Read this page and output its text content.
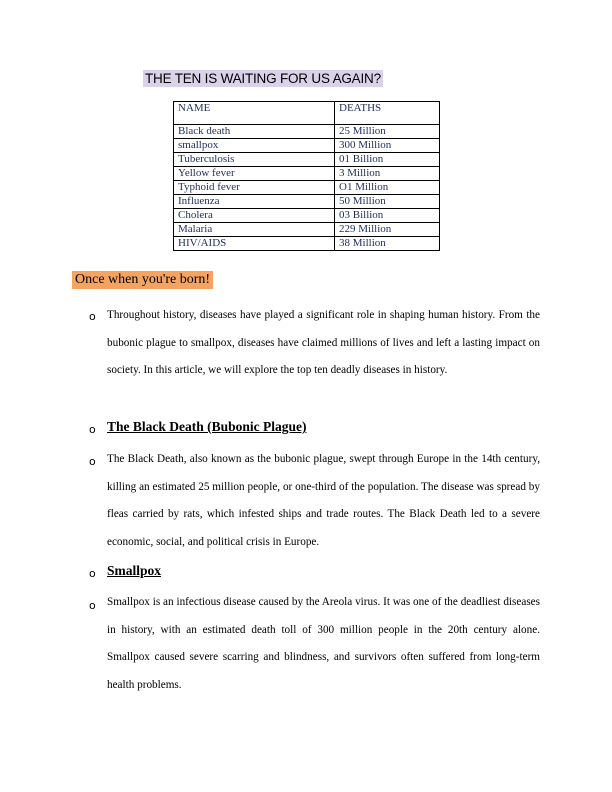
THE TEN IS WAITING FOR US AGAIN?
NAME	DEATHS
Black death	25 Million
smallpox	300 Million
Tuberculosis	01 Billion
Yellow fever	3 Million
Typhoid fever	O1 Million
Influenza	50 Million
Cholera	03 Billion
Malaria	229 Million
HIV/AIDS	38 Million
Once when you're born!
o Throughout history, diseases have played a significant role in shaping human history. From the bubonic plague to smallpox, diseases have claimed millions of lives and left a lasting impact on society. In this article, we will explore the top ten deadly diseases in history.
o The Black Death (Bubonic Plague)
o The Black Death, also known as the bubonic plague, swept through Europe in the 14th century, killing an estimated 25 million people, or one-third of the population. The disease was spread by fleas carried by rats, which infested ships and trade routes. The Black Death led to a severe economic, social, and political crisis in Europe.
o Smallpox
o Smallpox is an infectious disease caused by the Areola virus. It was one of the deadliest diseases in history, with an estimated death toll of 300 million people in the 20th century alone. Smallpox caused severe scarring and blindness, and survivors often suffered from long-term health problems.
